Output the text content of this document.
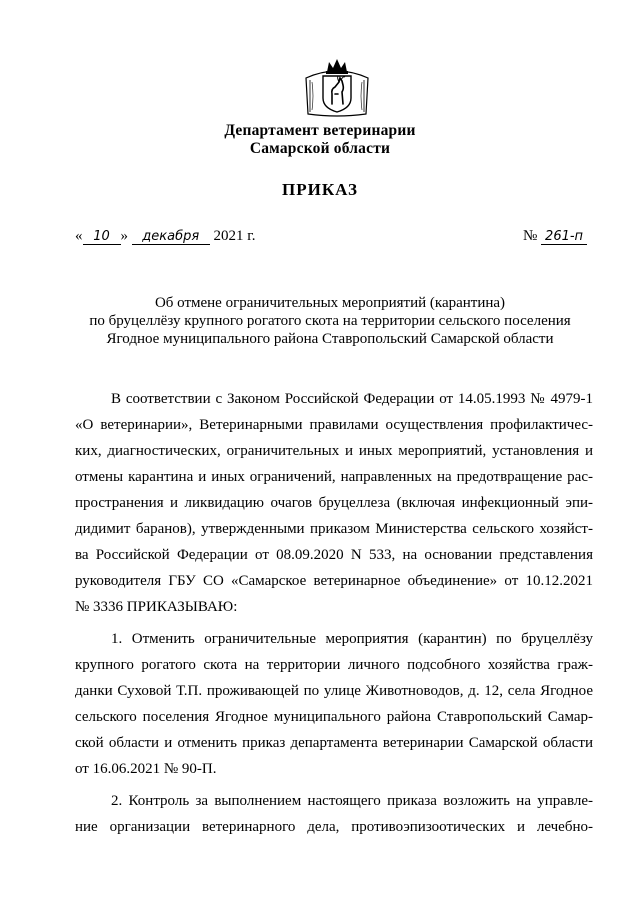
Департамент ветеринарии
Самарской области
ПРИКАЗ
« 10 » декабря 2021 г.	№ 261-п
Об отмене ограничительных мероприятий (карантина)
по бруцеллёзу крупного рогатого скота на территории сельского поселения
Ягодное муниципального района Ставропольский Самарской области
В соответствии с Законом Российской Федерации от 14.05.1993 № 4979-1
«О ветеринарии», Ветеринарными правилами осуществления профилактичес-
ких, диагностических, ограничительных и иных мероприятий, установления и
отмены карантина и иных ограничений, направленных на предотвращение рас-
пространения и ликвидацию очагов бруцеллеза (включая инфекционный эпи-
дидимит баранов), утвержденными приказом Министерства сельского хозяйст-
ва Российской Федерации от 08.09.2020 N 533, на основании представления
руководителя ГБУ СО «Самарское ветеринарное объединение» от 10.12.2021
№ 3336 ПРИКАЗЫВАЮ:
1. Отменить ограничительные мероприятия (карантин) по бруцеллёзу
крупного рогатого скота на территории личного подсобного хозяйства граж-
данки Суховой Т.П. проживающей по улице Животноводов, д. 12, села Ягодное
сельского поселения Ягодное муниципального района Ставропольский Самар-
ской области и отменить приказ департамента ветеринарии Самарской области
от 16.06.2021 № 90-П.
2. Контроль за выполнением настоящего приказа возложить на управле-
ние организации ветеринарного дела, противоэпизоотических и лечебно-
